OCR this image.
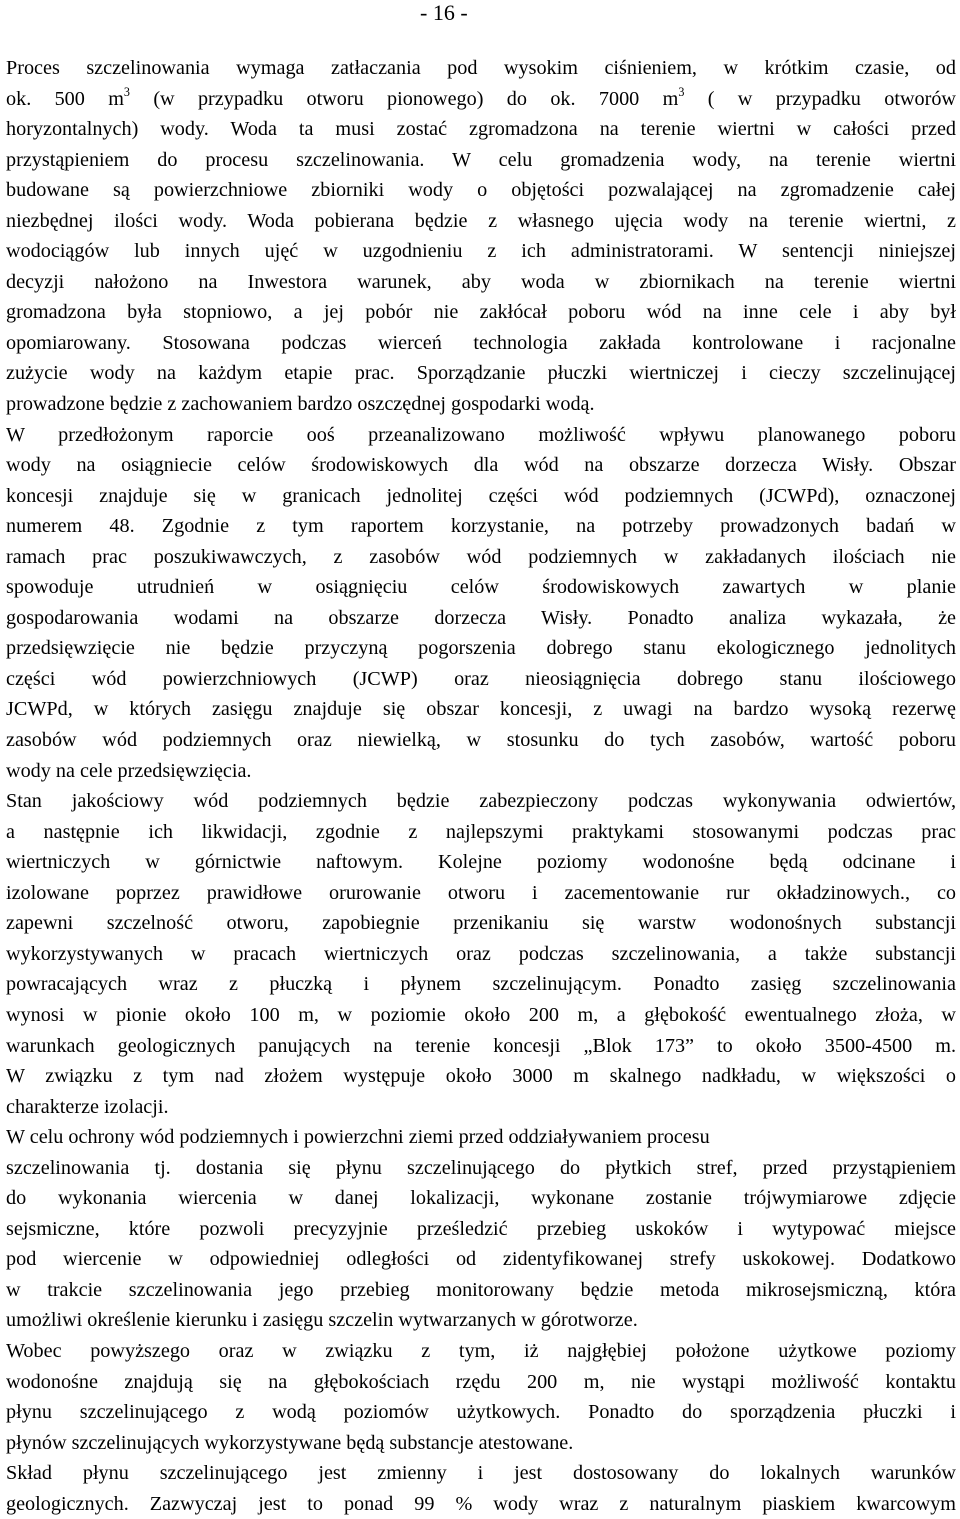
- 16 -
Proces szczelinowania wymaga zatłaczania pod wysokim ciśnieniem, w krótkim czasie, od
ok. 500 $m^3$ (w przypadku otworu pionowego) do ok. 7000 $m^3$ ( w przypadku otworów
horyzontalnych) wody. Woda ta musi zostać zgromadzona na terenie wiertni w całości przed
przystąpieniem do procesu szczelinowania. W celu gromadzenia wody, na terenie wiertni
budowane są powierzchniowe zbiorniki wody o objętości pozwalającej na zgromadzenie całej
niezbędnej ilości wody. Woda pobierana będzie z własnego ujęcia wody na terenie wiertni, z
wodociągów lub innych ujęć w uzgodnieniu z ich administratorami. W sentencji niniejszej
decyzji nałożono na Inwestora warunek, aby woda w zbiornikach na terenie wiertni
gromadzona była stopniowo, a jej pobór nie zakłócał poboru wód na inne cele i aby był
opomiarowany. Stosowana podczas wierceń technologia zakłada kontrolowane i racjonalne
zużycie wody na każdym etapie prac. Sporządzanie płuczki wiertniczej i cieczy szczelinującej
prowadzone będzie z zachowaniem bardzo oszczędnej gospodarki wodą.
W przedłożonym raporcie ooś przeanalizowano możliwość wpływu planowanego poboru
wody na osiągniecie celów środowiskowych dla wód na obszarze dorzecza Wisły. Obszar
koncesji znajduje się w granicach jednolitej części wód podziemnych (JCWPd), oznaczonej
numerem 48. Zgodnie z tym raportem korzystanie, na potrzeby prowadzonych badań w
ramach prac poszukiwawczych, z zasobów wód podziemnych w zakładanych ilościach nie
spowoduje utrudnień w osiągnięciu celów środowiskowych zawartych w planie
gospodarowania wodami na obszarze dorzecza Wisły. Ponadto analiza wykazała, że
przedsięwzięcie nie będzie przyczyną pogorszenia dobrego stanu ekologicznego jednolitych
części wód powierzchniowych (JCWP) oraz nieosiągnięcia dobrego stanu ilościowego
JCWPd, w których zasięgu znajduje się obszar koncesji, z uwagi na bardzo wysoką rezerwę
zasobów wód podziemnych oraz niewielką, w stosunku do tych zasobów, wartość poboru
wody na cele przedsięwzięcia.
Stan jakościowy wód podziemnych będzie zabezpieczony podczas wykonywania odwiertów,
a następnie ich likwidacji, zgodnie z najlepszymi praktykami stosowanymi podczas prac
wiertniczych w górnictwie naftowym. Kolejne poziomy wodonośne będą odcinane i
izolowane poprzez prawidłowe orurowanie otworu i zacementowanie rur okładzinowych., co
zapewni szczelność otworu, zapobiegnie przenikaniu się warstw wodonośnych substancji
wykorzystywanych w pracach wiertniczych oraz podczas szczelinowania, a także substancji
powracających wraz z płuczką i płynem szczelinującym. Ponadto zasięg szczelinowania
wynosi w pionie około 100 m, w poziomie około 200 m, a głębokość ewentualnego złoża, w
warunkach geologicznych panujących na terenie koncesji „Blok 173” to około 3500-4500 m.
W związku z tym nad złożem występuje około 3000 m skalnego nadkładu, w większości o
charakterze izolacji.
W celu ochrony wód podziemnych i powierzchni ziemi przed oddziaływaniem procesu
szczelinowania tj. dostania się płynu szczelinującego do płytkich stref, przed przystąpieniem
do wykonania wiercenia w danej lokalizacji, wykonane zostanie trójwymiarowe zdjęcie
sejsmiczne, które pozwoli precyzyjnie prześledzić przebieg uskoków i wytypować miejsce
pod wiercenie w odpowiedniej odległości od zidentyfikowanej strefy uskokowej. Dodatkowo
w trakcie szczelinowania jego przebieg monitorowany będzie metoda mikrosejsmiczną, która
umożliwi określenie kierunku i zasięgu szczelin wytwarzanych w górotworze.
Wobec powyższego oraz w związku z tym, iż najgłębiej położone użytkowe poziomy
wodonośne znajdują się na głębokościach rzędu 200 m, nie wystąpi możliwość kontaktu
płynu szczelinującego z wodą poziomów użytkowych. Ponadto do sporządzenia płuczki i
płynów szczelinujących wykorzystywane będą substancje atestowane.
Skład płynu szczelinującego jest zmienny i jest dostosowany do lokalnych warunków
geologicznych. Zazwyczaj jest to ponad 99 % wody wraz z naturalnym piaskiem kwarcowym
